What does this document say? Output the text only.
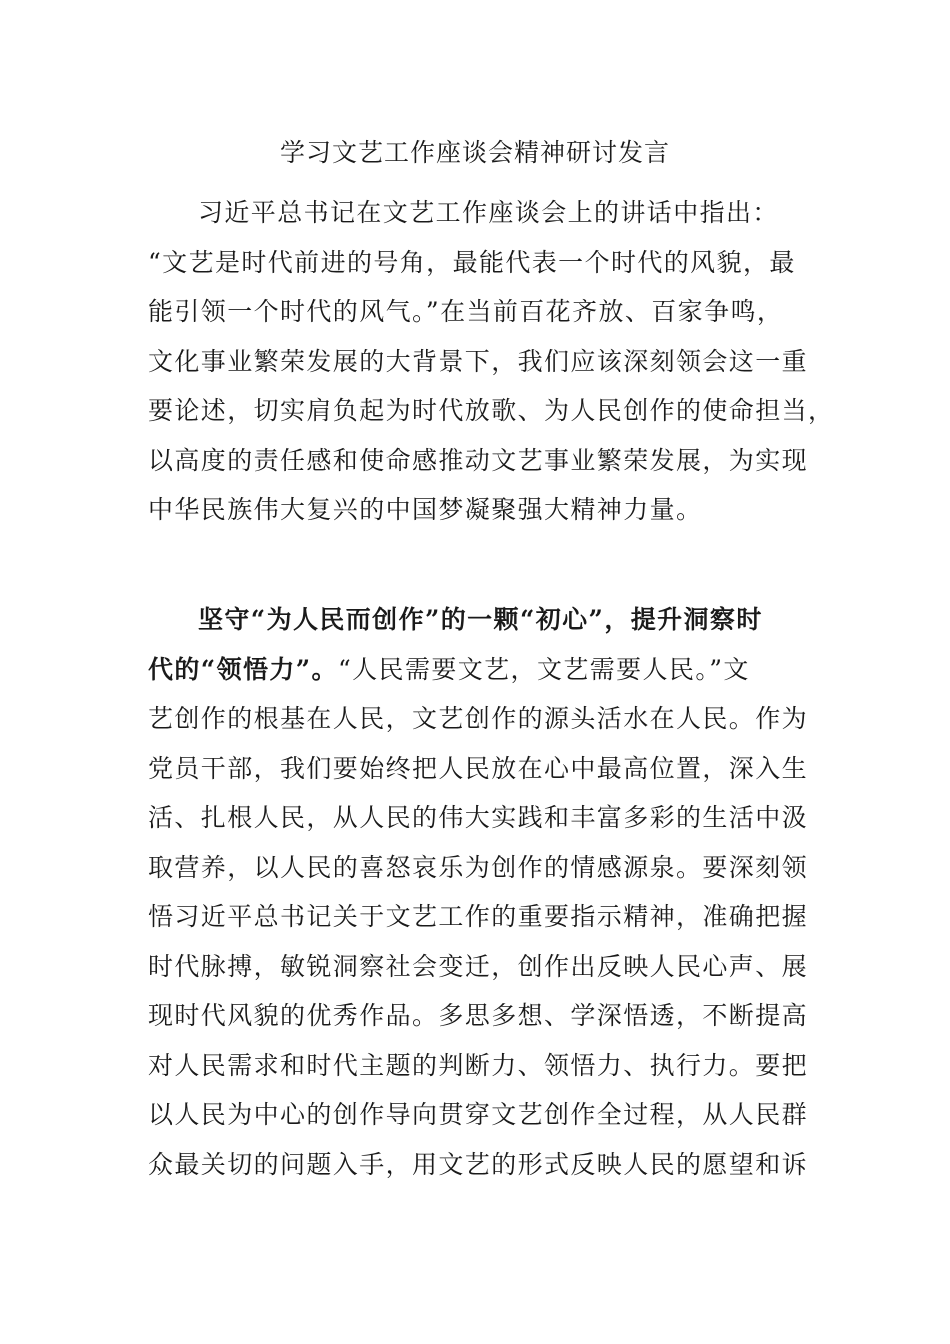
学习文艺工作座谈会精神研讨发言
习近平总书记在文艺工作座谈会上的讲话中指出：
“文艺是时代前进的号角，最能代表一个时代的风貌，最
能引领一个时代的风气。”在当前百花齐放、百家争鸣，
文化事业繁荣发展的大背景下，我们应该深刻领会这一重
要论述，切实肩负起为时代放歌、为人民创作的使命担当，
以高度的责任感和使命感推动文艺事业繁荣发展，为实现
中华民族伟大复兴的中国梦凝聚强大精神力量。
坚守“为人民而创作”的一颗“初心”，提升洞察时
代的“领悟力”。“人民需要文艺，文艺需要人民。”文
艺创作的根基在人民，文艺创作的源头活水在人民。作为
党员干部，我们要始终把人民放在心中最高位置，深入生
活、扎根人民，从人民的伟大实践和丰富多彩的生活中汲
取营养，以人民的喜怒哀乐为创作的情感源泉。要深刻领
悟习近平总书记关于文艺工作的重要指示精神，准确把握
时代脉搏，敏锐洞察社会变迁，创作出反映人民心声、展
现时代风貌的优秀作品。多思多想、学深悟透，不断提高
对人民需求和时代主题的判断力、领悟力、执行力。要把
以人民为中心的创作导向贯穿文艺创作全过程，从人民群
众最关切的问题入手，用文艺的形式反映人民的愿望和诉
